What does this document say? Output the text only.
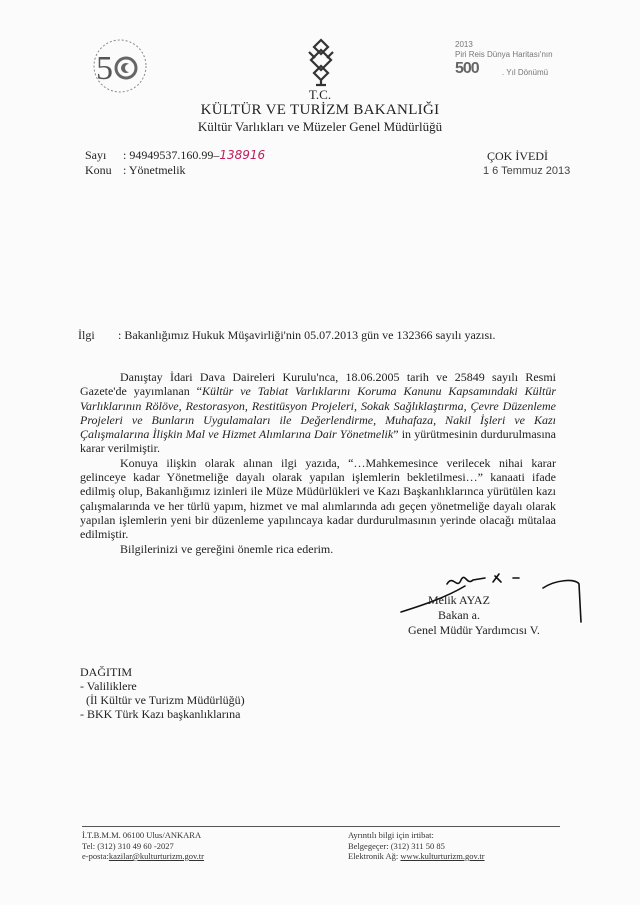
5
2013
Piri Reis Dünya Haritası'nın
500	. Yıl Dönümü
T.C.
KÜLTÜR VE TURİZM BAKANLIĞI
Kültür Varlıkları ve Müzeler Genel Müdürlüğü
Sayı : 94949537.160.99–138916
Konu : Yönetmelik
ÇOK İVEDİ
1 6 Temmuz 2013
İlgi : Bakanlığımız Hukuk Müşavirliği'nin 05.07.2013 gün ve 132366 sayılı yazısı.

Danıştay İdari Dava Daireleri Kurulu'nca, 18.06.2005 tarih ve 25849 sayılı Resmi Gazete'de yayımlanan “Kültür ve Tabiat Varlıklarını Koruma Kanunu Kapsamındaki Kültür Varlıklarının Rölöve, Restorasyon, Restitüsyon Projeleri, Sokak Sağlıklaştırma, Çevre Düzenleme Projeleri ve Bunların Uygulamaları ile Değerlendirme, Muhafaza, Nakil İşleri ve Kazı Çalışmalarına İlişkin Mal ve Hizmet Alımlarına Dair Yönetmelik” in yürütmesinin durdurulmasına karar verilmiştir.

Konuya ilişkin olarak alınan ilgi yazıda, “…Mahkemesince verilecek nihai karar gelinceye kadar Yönetmeliğe dayalı olarak yapılan işlemlerin bekletilmesi…” kanaati ifade edilmiş olup, Bakanlığımız izinleri ile Müze Müdürlükleri ve Kazı Başkanlıklarınca yürütülen kazı çalışmalarında ve her türlü yapım, hizmet ve mal alımlarında adı geçen yönetmeliğe dayalı olarak yapılan işlemlerin yeni bir düzenleme yapılıncaya kadar durdurulmasının yerinde olacağı mütalaa edilmiştir.

Bilgilerinizi ve gereğini önemle rica ederim.

Melik AYAZ
Bakan a.
Genel Müdür Yardımcısı V.
DAĞITIM
- Valiliklere
(İl Kültür ve Turizm Müdürlüğü)
- BKK Türk Kazı başkanlıklarına
İ.T.B.M.M. 06100 Ulus/ANKARA
Tel: (312) 310 49 60 -2027
e-posta:kazilar@kulturturizm.gov.tr
Ayrıntılı bilgi için irtibat:
Belgegeçer: (312) 311 50 85
Elektronik Ağ: www.kulturturizm.gov.tr
